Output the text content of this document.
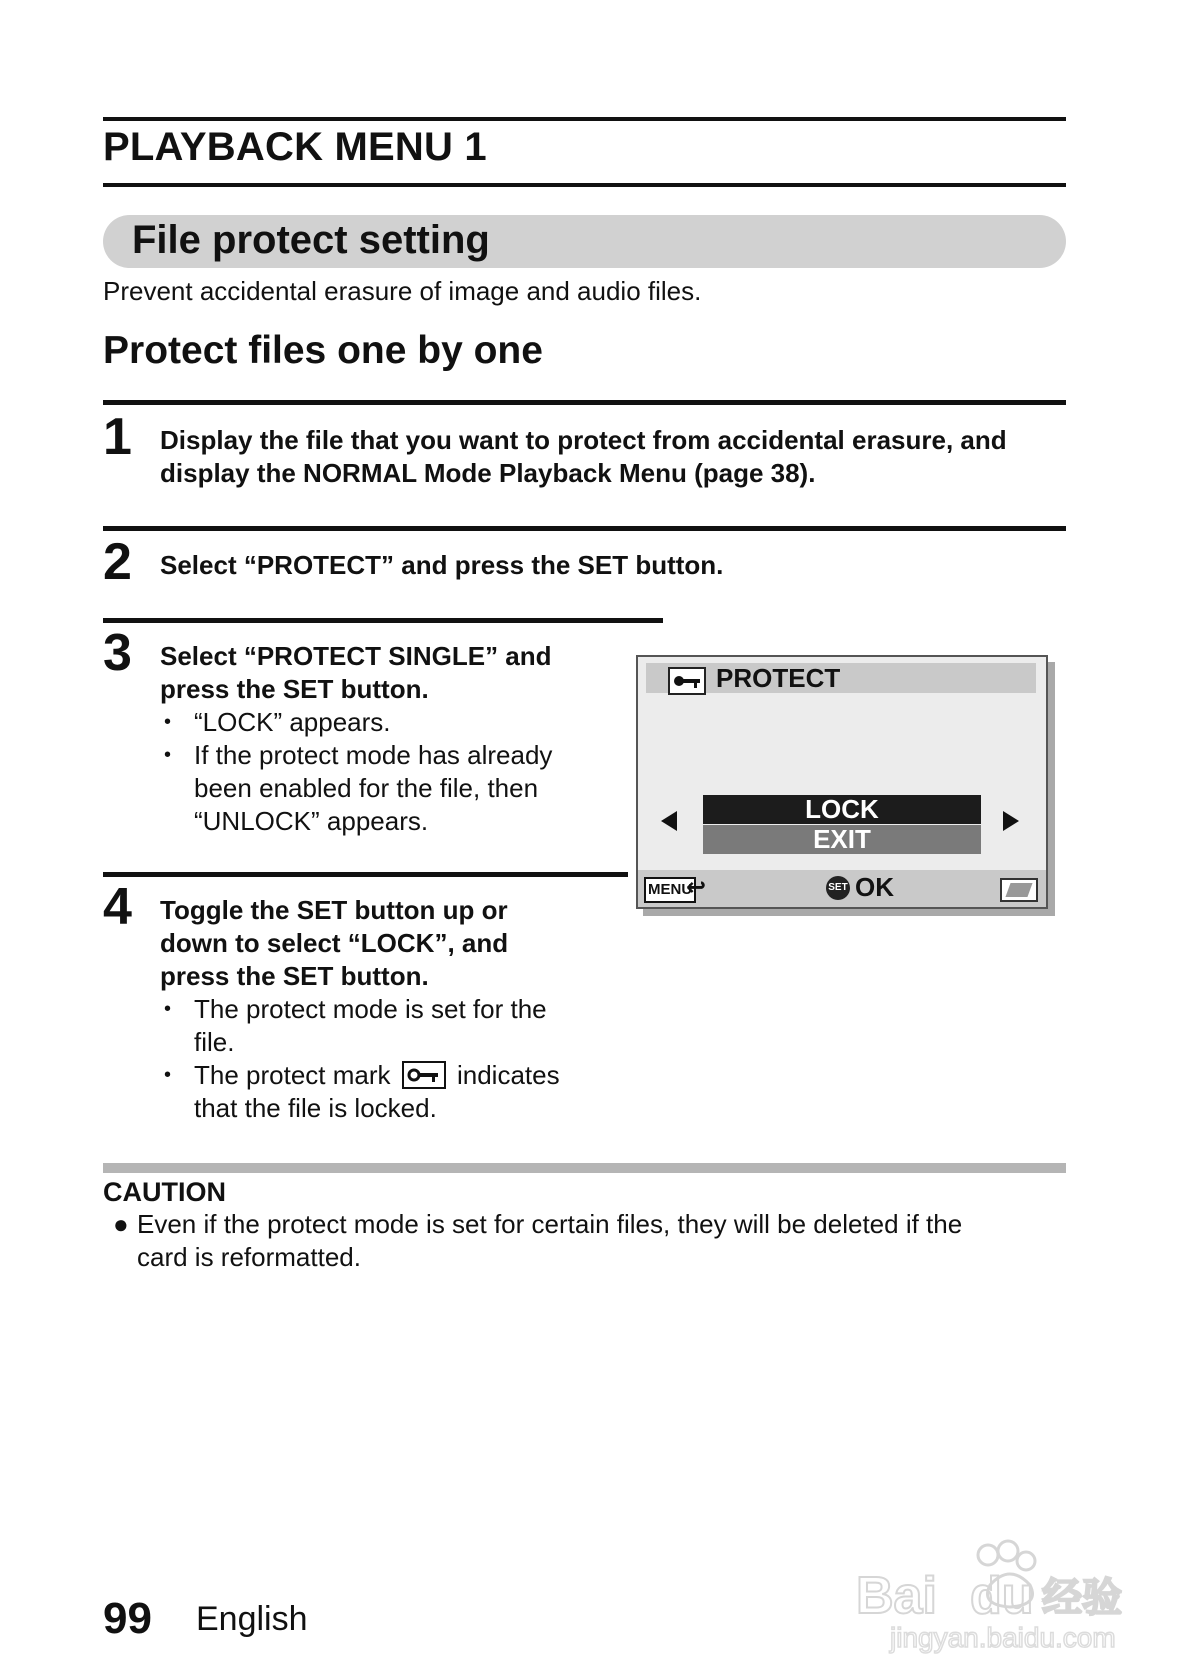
PLAYBACK MENU 1
File protect setting
Prevent accidental erasure of image and audio files.
Protect files one by one
1 Display the file that you want to protect from accidental erasure, and
display the NORMAL Mode Playback Menu (page 38).
2 Select “PROTECT” and press the SET button.
3 Select “PROTECT SINGLE” and
press the SET button.
• “LOCK” appears.
• If the protect mode has already
been enabled for the file, then
“UNLOCK” appears.
PROTECT
LOCK
EXIT
MENU
↩	SET OK
4 Toggle the SET button up or
down to select “LOCK”, and
press the SET button.
• The protect mode is set for the
file.
• The protect mark	indicates
that the file is locked.
CAUTION
● Even if the protect mode is set for certain files, they will be deleted if the
card is reformatted.
99 English	Bai du 经验
jingyan.baidu.com
